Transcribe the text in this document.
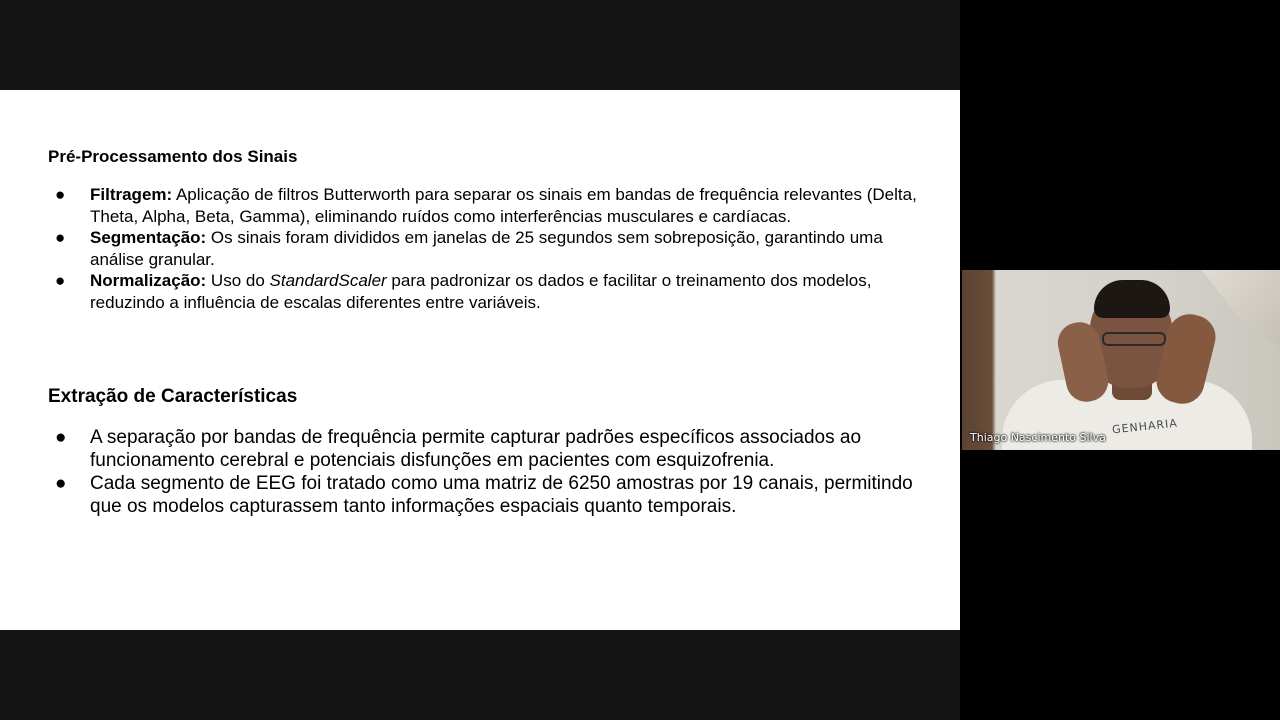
Pré-Processamento dos Sinais
● Filtragem: Aplicação de filtros Butterworth para separar os sinais em bandas de frequência relevantes (Delta, Theta, Alpha, Beta, Gamma), eliminando ruídos como interferências musculares e cardíacas.
● Segmentação: Os sinais foram divididos em janelas de 25 segundos sem sobreposição, garantindo uma análise granular.
● Normalização: Uso do StandardScaler para padronizar os dados e facilitar o treinamento dos modelos, reduzindo a influência de escalas diferentes entre variáveis.
Extração de Características
● A separação por bandas de frequência permite capturar padrões específicos associados ao funcionamento cerebral e potenciais disfunções em pacientes com esquizofrenia.
● Cada segmento de EEG foi tratado como uma matriz de 6250 amostras por 19 canais, permitindo que os modelos capturassem tanto informações espaciais quanto temporais.
GENHARIA
Thiago Nascimento Silva
